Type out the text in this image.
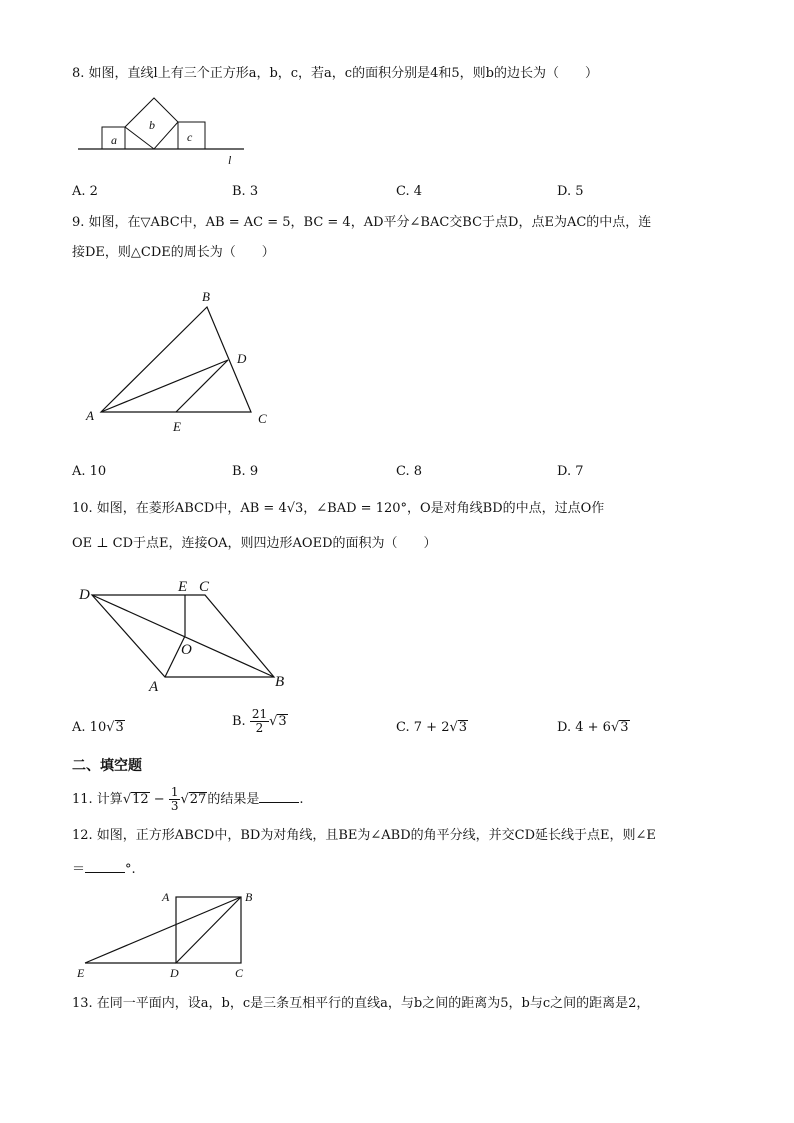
8. 如图，直线l上有三个正方形a，b，c，若a，c的面积分别是4和5，则b的边长为（　　）
a
b
c
l
A. 2	B. 3	C. 4	D. 5
9. 如图，在▽ABC中，AB = AC = 5，BC = 4，AD平分∠BAC交BC于点D，点E为AC的中点，连
接DE，则△CDE的周长为（　　）
B
D
A
E
C
A. 10	B. 9	C. 8	D. 7
10. 如图，在菱形ABCD中，AB = 4√3，∠BAD = 120°，O是对角线BD的中点，过点O作
OE ⊥ CD于点E，连接OA，则四边形AOED的面积为（　　）
D	E C
O
A	B
A. 10√3	B. $\frac{21}{2} √3$	C. 7 + 2√3	D. 4 + 6√3
二、填空题
11. 计算$√12 - \frac{1}{3} √27$的结果是	.
12. 如图，正方形ABCD中，BD为对角线，且BE为∠ABD的角平分线，并交CD延长线于点E，则∠E
＝	°.
A	B
E	D	C
13. 在同一平面内，设a，b，c是三条互相平行的直线a，与b之间的距离为5，b与c之间的距离是2，
